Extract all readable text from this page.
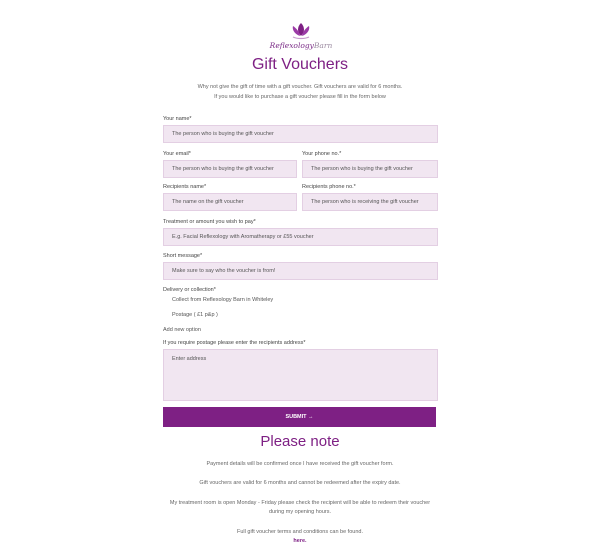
ReflexologyBarn
Gift Vouchers
Why not give the gift of time with a gift voucher. Gift vouchers are valid for 6 months.
If you would like to purchase a gift voucher please fill in the form below
Your name*
The person who is buying the gift voucher
Your email*
The person who is buying the gift voucher
Your phone no.*
The person who is buying the gift voucher
Recipients name*
The name on the gift voucher
Recipients phone no.*
The person who is receiving the gift voucher
Treatment or amount you wish to pay*
E.g. Facial Reflexology with Aromatherapy or £55 voucher
Short message*
Make sure to say who the voucher is from!
Delivery or collection*
Collect from Reflexology Barn in Whiteley
Postage ( £1 p&p )
Add new option
If you require postage please enter the recipients address*
Enter address
SUBMIT →
Please note
Payment details will be confirmed once I have received the gift voucher form.
Gift vouchers are valid for 6 months and cannot be redeemed after the expiry date.
My treatment room is open Monday - Friday please check the recipient will be able to redeem their voucher
during my opening hours.
Full gift voucher terms and conditions can be found.
here.
